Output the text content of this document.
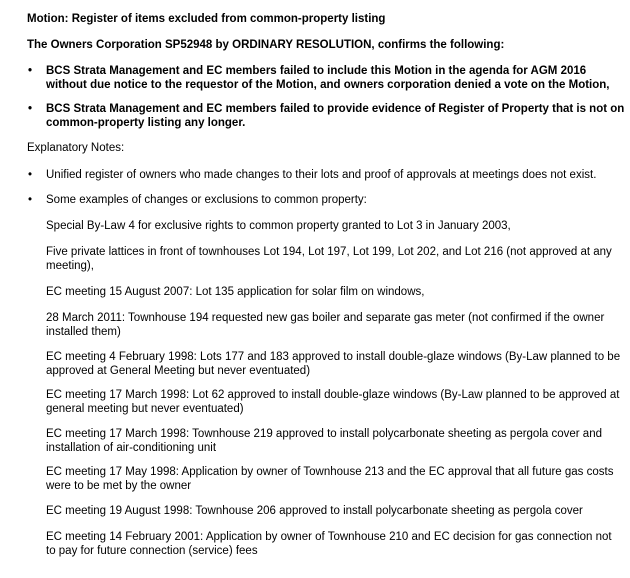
Motion: Register of items excluded from common-property listing
The Owners Corporation SP52948 by ORDINARY RESOLUTION, confirms the following:
•	BCS Strata Management and EC members failed to include this Motion in the agenda for AGM 2016 without due notice to the requestor of the Motion, and owners corporation denied a vote on the Motion,
•	BCS Strata Management and EC members failed to provide evidence of Register of Property that is not on common-property listing any longer.
Explanatory Notes:
•	Unified register of owners who made changes to their lots and proof of approvals at meetings does not exist.
•	Some examples of changes or exclusions to common property:
Special By-Law 4 for exclusive rights to common property granted to Lot 3 in January 2003,
Five private lattices in front of townhouses Lot 194, Lot 197, Lot 199, Lot 202, and Lot 216 (not approved at any meeting),
EC meeting 15 August 2007: Lot 135 application for solar film on windows,
28 March 2011: Townhouse 194 requested new gas boiler and separate gas meter (not confirmed if the owner installed them)
EC meeting 4 February 1998: Lots 177 and 183 approved to install double-glaze windows (By-Law planned to be approved at General Meeting but never eventuated)
EC meeting 17 March 1998: Lot 62 approved to install double-glaze windows (By-Law planned to be approved at general meeting but never eventuated)
EC meeting 17 March 1998: Townhouse 219 approved to install polycarbonate sheeting as pergola cover and installation of air-conditioning unit
EC meeting 17 May 1998: Application by owner of Townhouse 213 and the EC approval that all future gas costs were to be met by the owner
EC meeting 19 August 1998: Townhouse 206 approved to install polycarbonate sheeting as pergola cover
EC meeting 14 February 2001: Application by owner of Townhouse 210 and EC decision for gas connection not to pay for future connection (service) fees
